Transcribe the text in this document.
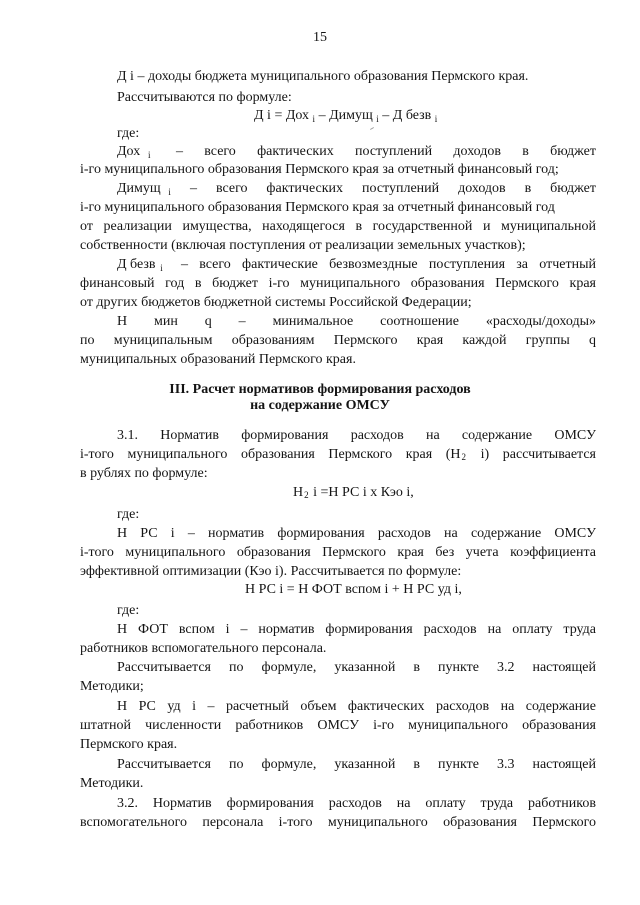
15
Д i – доходы бюджета муниципального образования Пермского края.
Рассчитываются по формуле:
Д i = Дох $_i$ – Димущ $_i$ – Д безв $_i$
где:
Дох $_i$	– всего фактических поступлений доходов в бюджет
i-го муниципального образования Пермского края за отчетный финансовый год;
Димущ $_i$	– всего фактических поступлений доходов в бюджет
i-го муниципального образования Пермского края за отчетный финансовый год
от реализации имущества, находящегося в государственной и муниципальной
собственности (включая поступления от реализации земельных участков);
Д безв $_i$	– всего фактические безвозмездные поступления за отчетный
финансовый год в бюджет i-го муниципального образования Пермского края
от других бюджетов бюджетной системы Российской Федерации;
Н мин q – минимальное соотношение «расходы/доходы»
по муниципальным образованиям Пермского края каждой группы q
муниципальных образований Пермского края.
III. Расчет нормативов формирования расходов
на содержание ОМСУ
3.1. Норматив формирования расходов на содержание ОМСУ
i-того муниципального образования Пермского края ($Н_2$ i) рассчитывается
в рублях по формуле:
$Н_2$ i =Н РС i х Кэо i,
где:
Н РС i – норматив формирования расходов на содержание ОМСУ
i-того муниципального образования Пермского края без учета коэффициента
эффективной оптимизации (Кэо i). Рассчитывается по формуле:
Н РС i = Н ФОТ вспом i + Н РС уд i,
где:
Н ФОТ вспом i – норматив формирования расходов на оплату труда
работников вспомогательного персонала.
Рассчитывается по формуле, указанной в пункте 3.2 настоящей
Методики;
Н РС уд i – расчетный объем фактических расходов на содержание
штатной численности работников ОМСУ i-го муниципального образования
Пермского края.
Рассчитывается по формуле, указанной в пункте 3.3 настоящей
Методики.
3.2. Норматив формирования расходов на оплату труда работников
вспомогательного персонала i-того муниципального образования Пермского
